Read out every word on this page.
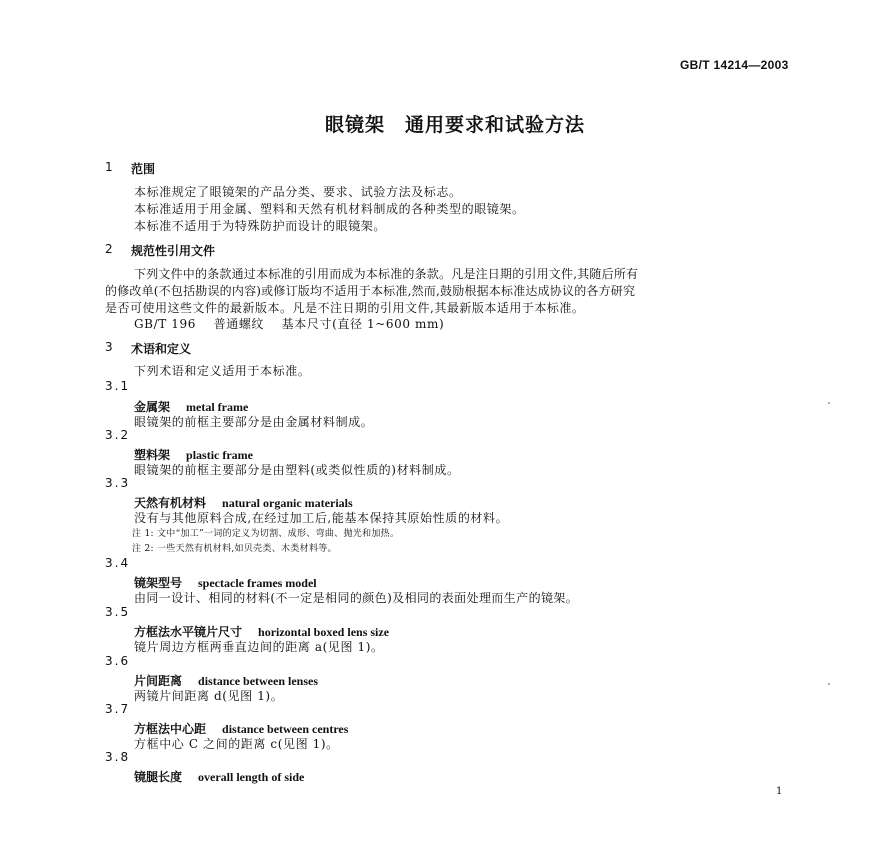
GB/T 14214—2003
眼镜架 通用要求和试验方法
1 范围
本标准规定了眼镜架的产品分类、要求、试验方法及标志。
本标准适用于用金属、塑料和天然有机材料制成的各种类型的眼镜架。
本标准不适用于为特殊防护而设计的眼镜架。
2 规范性引用文件
下列文件中的条款通过本标准的引用而成为本标准的条款。凡是注日期的引用文件,其随后所有
的修改单(不包括勘误的内容)或修订版均不适用于本标准,然而,鼓励根据本标准达成协议的各方研究
是否可使用这些文件的最新版本。凡是不注日期的引用文件,其最新版本适用于本标准。
GB/T 196    普通螺纹    基本尺寸(直径 1~600 mm)
3 术语和定义
下列术语和定义适用于本标准。
3.1
金属架 metal frame
眼镜架的前框主要部分是由金属材料制成。
3.2
塑料架 plastic frame
眼镜架的前框主要部分是由塑料(或类似性质的)材料制成。
3.3
天然有机材料 natural organic materials
没有与其他原料合成,在经过加工后,能基本保持其原始性质的材料。
注 1: 文中“加工”一词的定义为切割、成形、弯曲、抛光和加热。
注 2: 一些天然有机材料,如贝壳类、木类材料等。
3.4
镜架型号 spectacle frames model
由同一设计、相同的材料(不一定是相同的颜色)及相同的表面处理而生产的镜架。
3.5
方框法水平镜片尺寸 horizontal boxed lens size
镜片周边方框两垂直边间的距离 a(见图 1)。
3.6
片间距离 distance between lenses
两镜片间距离 d(见图 1)。
3.7
方框法中心距 distance between centres
方框中心 C 之间的距离 c(见图 1)。
3.8
镜腿长度 overall length of side
1
